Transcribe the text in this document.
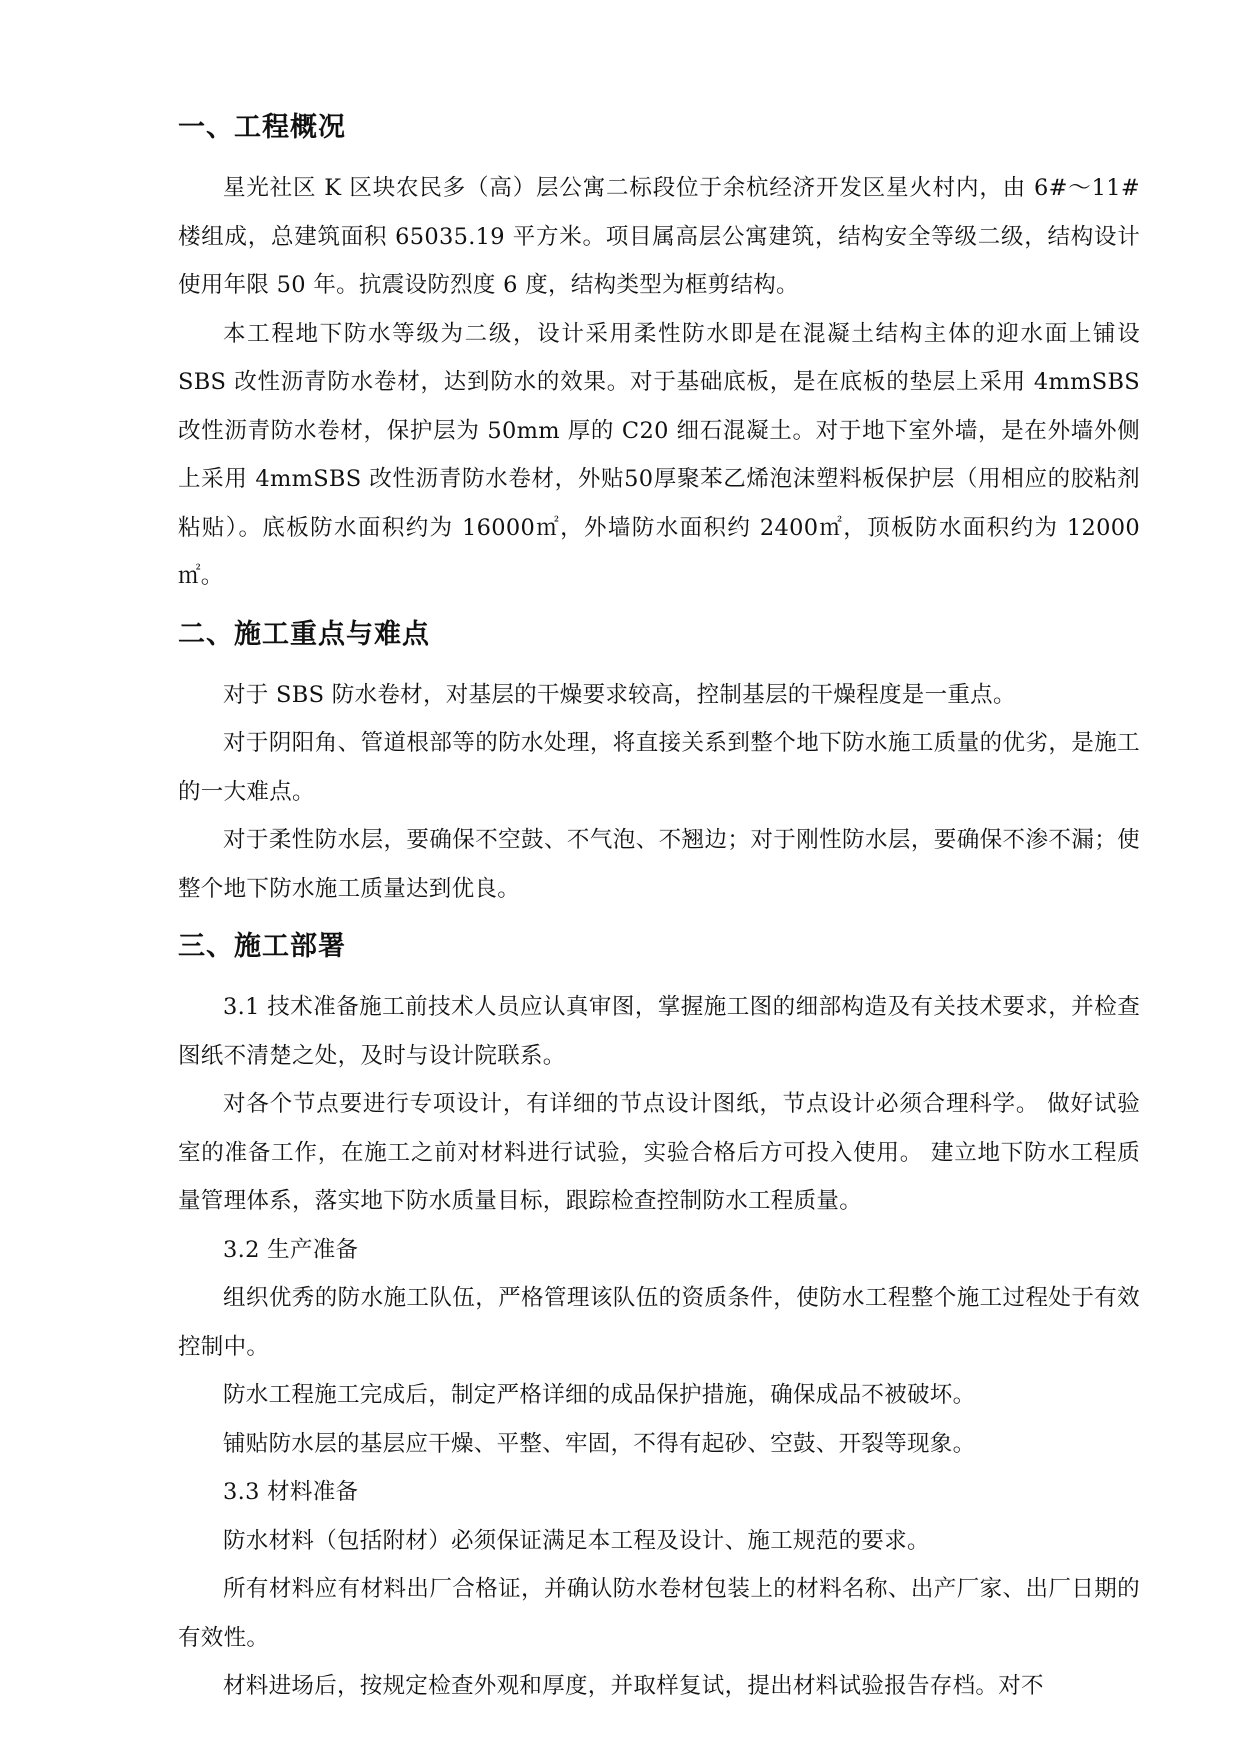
一、工程概况

星光社区 K 区块农民多（高）层公寓二标段位于余杭经济开发区星火村内，由 6#～11#楼组成，总建筑面积 65035.19 平方米。项目属高层公寓建筑，结构安全等级二级，结构设计使用年限 50 年。抗震设防烈度 6 度，结构类型为框剪结构。

本工程地下防水等级为二级，设计采用柔性防水即是在混凝土结构主体的迎水面上铺设 SBS 改性沥青防水卷材，达到防水的效果。对于基础底板，是在底板的垫层上采用 4mmSBS 改性沥青防水卷材，保护层为 50mm 厚的 C20 细石混凝土。对于地下室外墙，是在外墙外侧上采用 4mmSBS 改性沥青防水卷材，外贴50厚聚苯乙烯泡沫塑料板保护层（用相应的胶粘剂粘贴）。底板防水面积约为 16000㎡，外墙防水面积约 2400㎡，顶板防水面积约为 12000㎡。

二、施工重点与难点

对于 SBS 防水卷材，对基层的干燥要求较高，控制基层的干燥程度是一重点。

对于阴阳角、管道根部等的防水处理，将直接关系到整个地下防水施工质量的优劣，是施工的一大难点。

对于柔性防水层，要确保不空鼓、不气泡、不翘边；对于刚性防水层，要确保不渗不漏；使整个地下防水施工质量达到优良。

三、施工部署

3.1 技术准备施工前技术人员应认真审图，掌握施工图的细部构造及有关技术要求，并检查图纸不清楚之处，及时与设计院联系。

对各个节点要进行专项设计，有详细的节点设计图纸，节点设计必须合理科学。 做好试验室的准备工作，在施工之前对材料进行试验，实验合格后方可投入使用。 建立地下防水工程质量管理体系，落实地下防水质量目标，跟踪检查控制防水工程质量。

3.2 生产准备

组织优秀的防水施工队伍，严格管理该队伍的资质条件，使防水工程整个施工过程处于有效控制中。

防水工程施工完成后，制定严格详细的成品保护措施，确保成品不被破坏。

铺贴防水层的基层应干燥、平整、牢固，不得有起砂、空鼓、开裂等现象。

3.3 材料准备

防水材料（包括附材）必须保证满足本工程及设计、施工规范的要求。

所有材料应有材料出厂合格证，并确认防水卷材包装上的材料名称、出产厂家、出厂日期的有效性。

材料进场后，按规定检查外观和厚度，并取样复试，提出材料试验报告存档。对不
